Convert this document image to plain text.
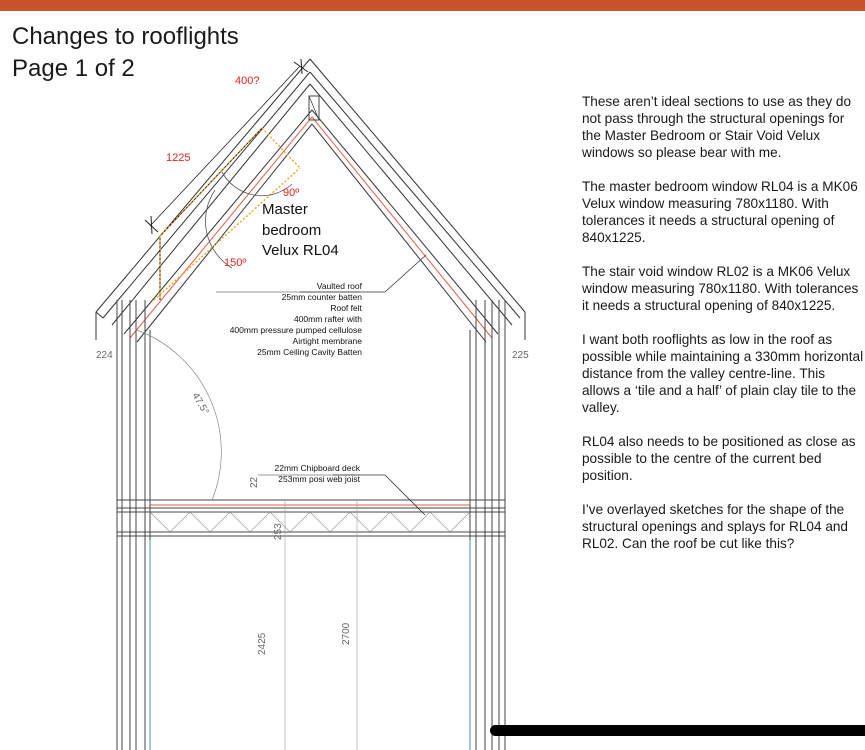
Changes to rooflights
Page 1 of 2	400?
1225
90º
150º
Master
bedroom
Velux RL04
Vaulted roof
25mm counter batten
Roof felt
400mm rafter with
400mm pressure pumped cellulose
Airtight membrane
25mm Ceiling Cavity Batten
22mm Chipboard deck
253mm posi web joist
224	225
47.5°
22
253
2425	2700

These aren’t ideal sections to use as they do not pass through the structural openings for the Master Bedroom or Stair Void Velux windows so please bear with me.

The master bedroom window RL04 is a MK06 Velux window measuring 780x1180. With tolerances it needs a structural opening of 840x1225.

The stair void window RL02 is a MK06 Velux window measuring 780x1180. With tolerances it needs a structural opening of 840x1225.

I want both rooflights as low in the roof as possible while maintaining a 330mm horizontal distance from the valley centre-line. This allows a ‘tile and a half’ of plain clay tile to the valley.

RL04 also needs to be positioned as close as possible to the centre of the current bed position.

I’ve overlayed sketches for the shape of the structural openings and splays for RL04 and RL02. Can the roof be cut like this?
